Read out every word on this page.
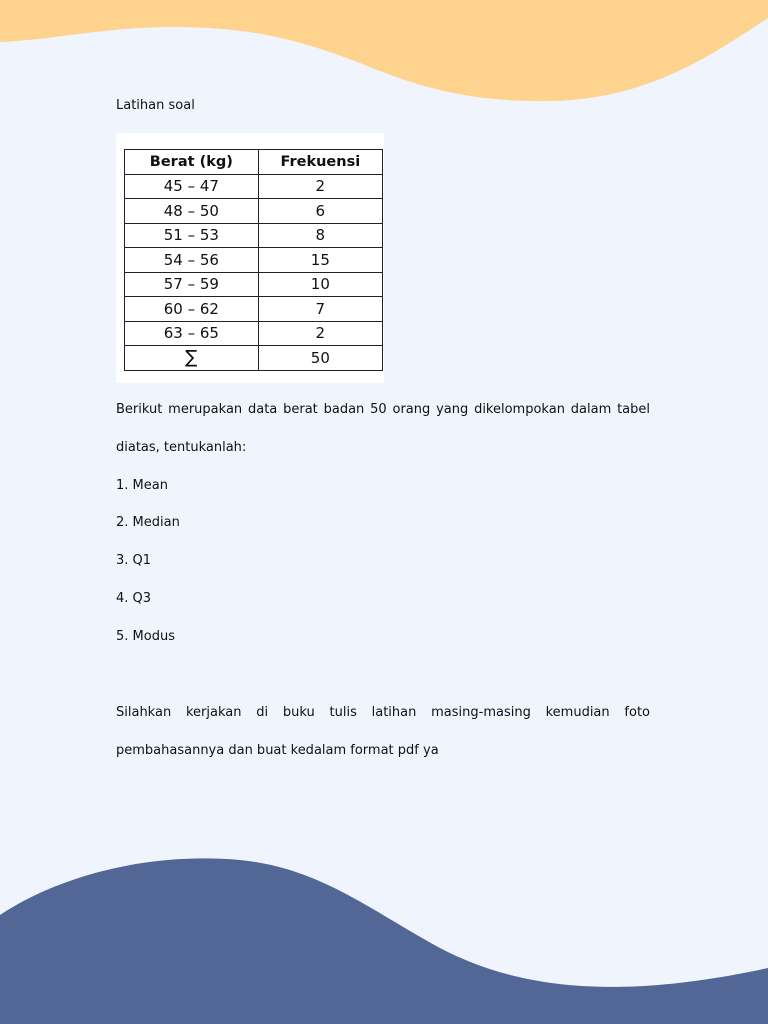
Latihan soal
Berat (kg)	Frekuensi
45 – 47	2
48 – 50	6
51 – 53	8
54 – 56	15
57 – 59	10
60 – 62	7
63 – 65	2
∑	50

Berikut merupakan data berat badan 50 orang yang dikelompokan dalam tabel diatas, tentukanlah:

1. Mean
2. Median
3. Q1
4. Q3
5. Modus

Silahkan kerjakan di buku tulis latihan masing-masing kemudian foto pembahasannya dan buat kedalam format pdf ya
